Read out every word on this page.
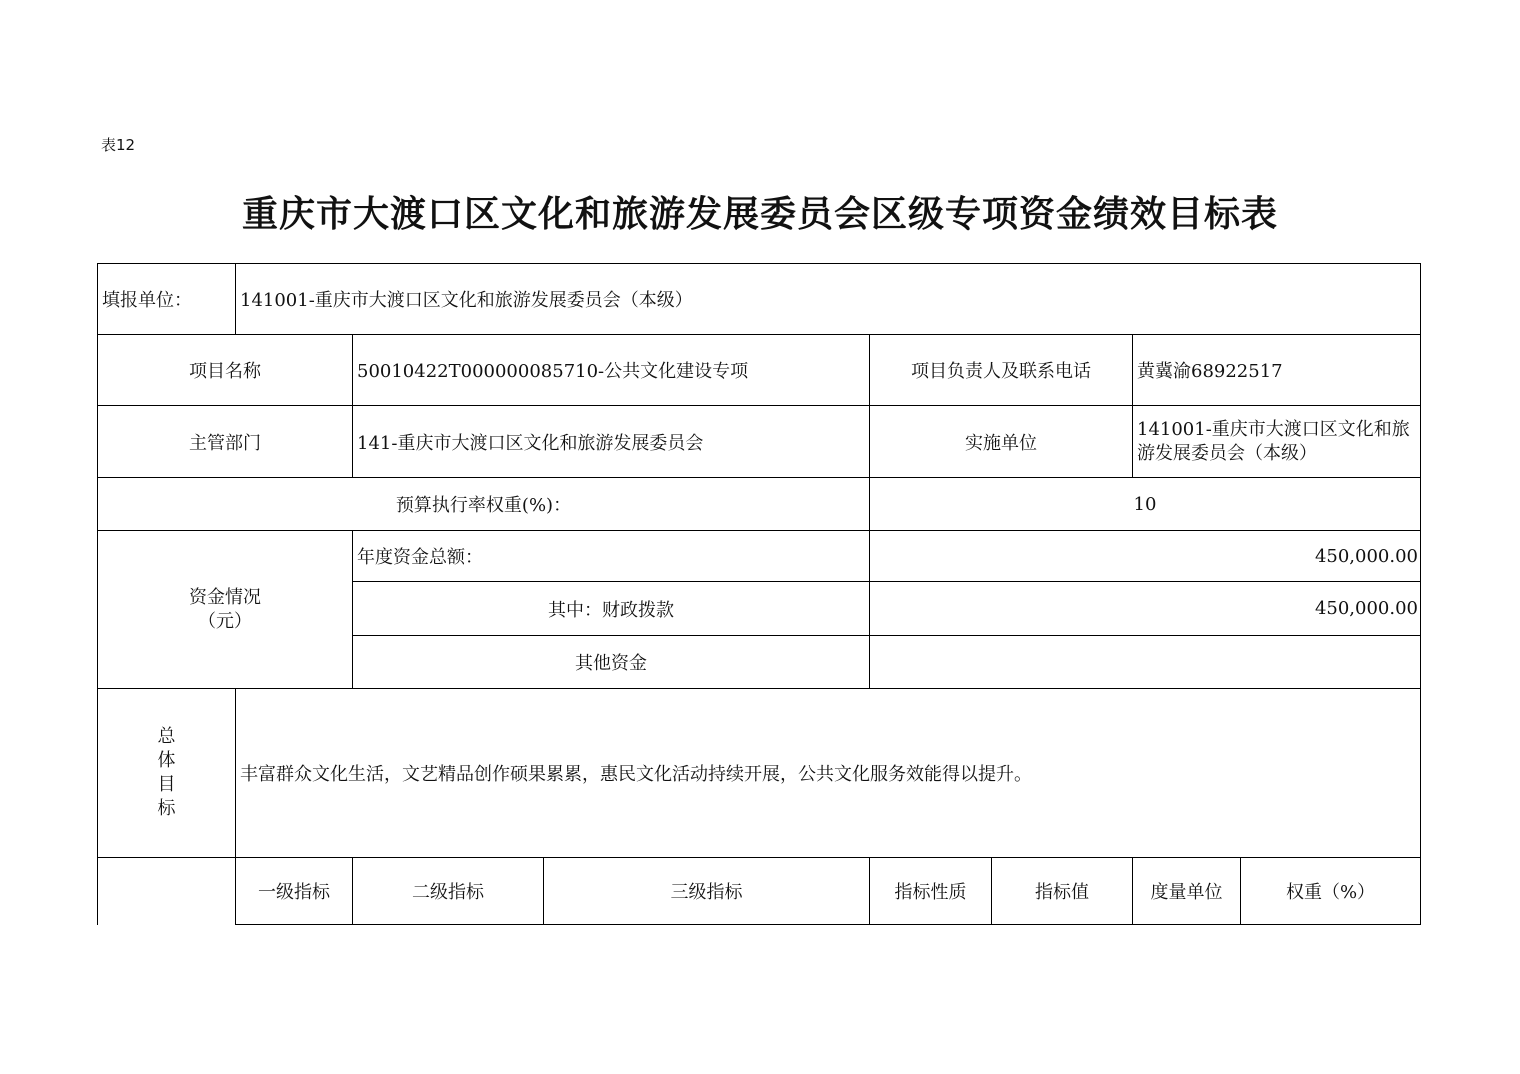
表12
重庆市大渡口区文化和旅游发展委员会区级专项资金绩效目标表
填报单位：	141001-重庆市大渡口区文化和旅游发展委员会（本级）						
项目名称		50010422T000000085710-公共文化建设专项		项目负责人及联系电话		黄冀渝68922517	
主管部门		141-重庆市大渡口区文化和旅游发展委员会		实施单位		141001-重庆市大渡口区文化和旅游发展委员会（本级）	
预算执行率权重(%)：				10			

资金情况
（元）		年度资金总额：		450,000.00			
		其中：财政拨款		450,000.00			
		其他资金					

总
体
目
标	丰富群众文化生活，文艺精品创作硕果累累，惠民文化活动持续开展，公共文化服务效能得以提升。						
	一级指标	二级指标	三级指标	指标性质	指标值	度量单位	权重（%）
